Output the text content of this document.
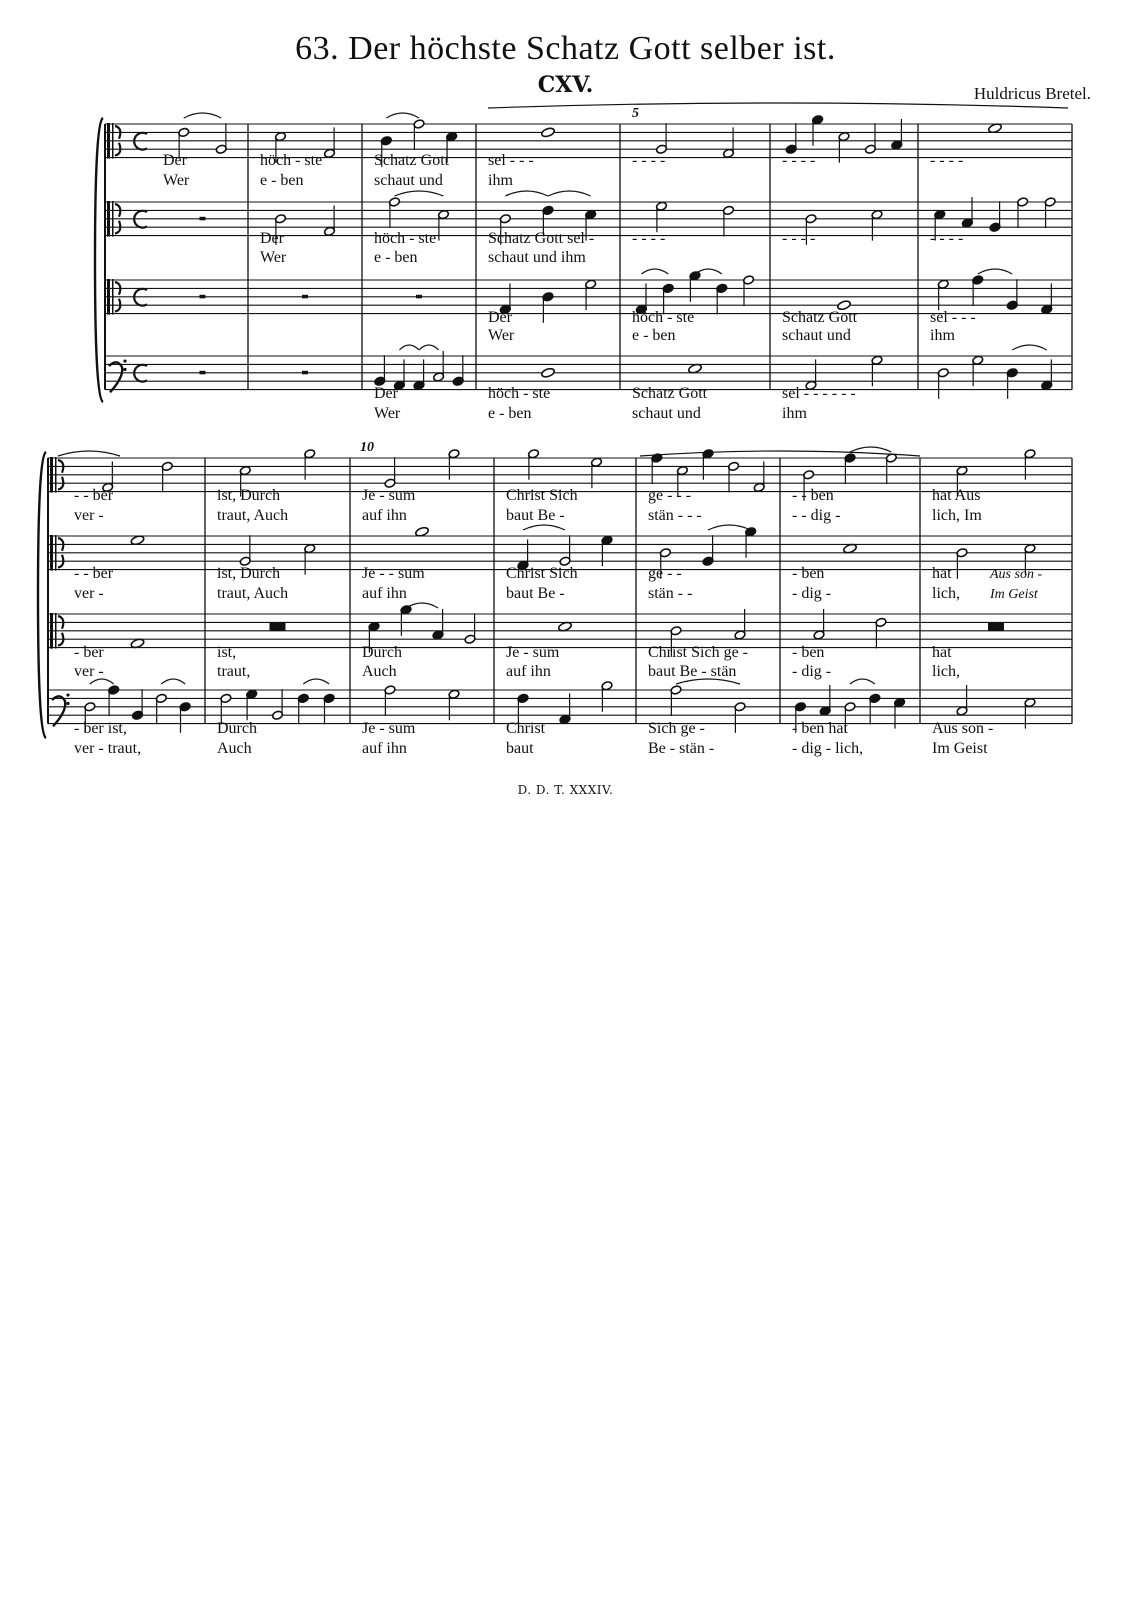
63. Der höchste Schatz Gott selber ist.
CXV.	Huldricus Bretel.
Der	höch - ste	Schatz Gott sel - - -	- - - -	- - - -	- - - -
Wer	e - ben	schaut und	ihm
Der	höch - ste	Schatz Gott sel - - - - -	- - - -	- - - -
Wer	e - ben	schaut und ihm
Der	höch - ste	Schatz Gott	sel - - -
Wer	e - ben	schaut und	ihm
Der	höch - ste	Schatz Gott	sel - - - - - -
Wer	e - ben	schaut und	ihm
- - ber	ist, Durch	Je - sum	Christ Sich	ge - - -	- - ben	hat Aus
ver -	traut, Auch	auf ihn	baut Be -	stän - - -	- - dig -	lich, Im
- - ber	ist, Durch	Je - - sum	Christ Sich	ge - -	- ben	hat
ver -	traut, Auch	auf ihn	baut Be -	stän - -	- dig -	lich,
Aus son -
Im Geist
- ber	ist,	Durch	Je - sum	Christ Sich ge -	- ben	hat
ver -	traut,	Auch	auf ihn	baut Be - stän	- dig -	lich,
- ber ist,	Durch	Je - sum	Christ	Sich ge -	- ben hat	Aus son -
ver - traut,	Auch	auf ihn	baut	Be - stän -	- dig - lich,	Im Geist
5
10
D. D. T. XXXIV.
